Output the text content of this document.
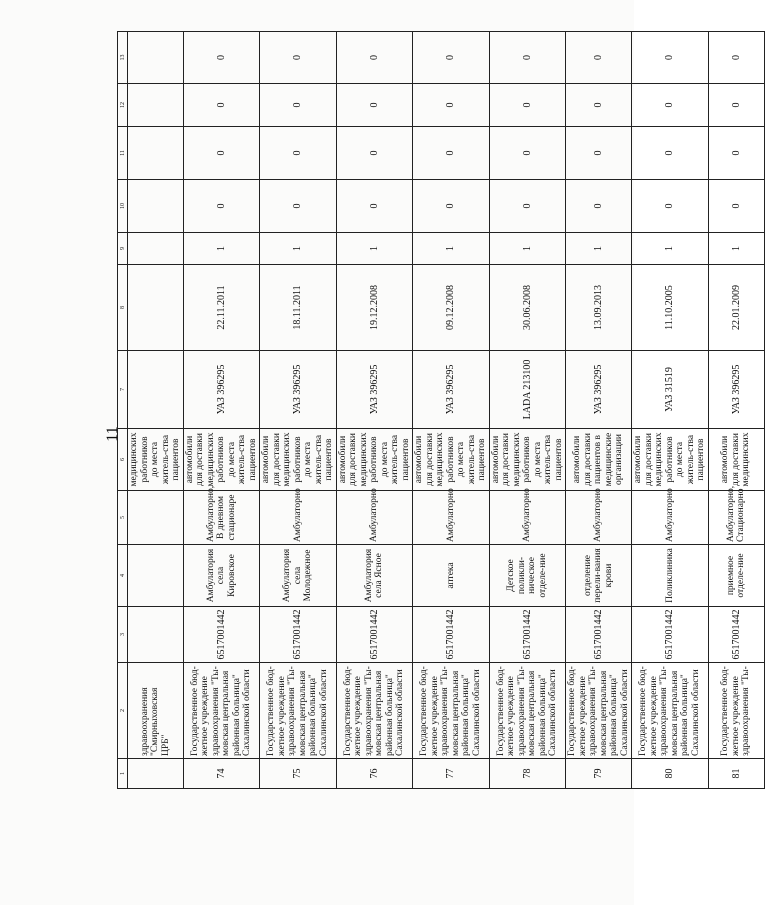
11
1	2	3	4	5	6	7	8	9	10	11	12	13
	здравоохранения "Смирныховская ЦРБ"				медицинских работников до места житель-ства пациентов							
74	Государственное бюд-жетное учреждение здравоохранения "Ты-мовская центральная районная больница" Сахалинской области	6517001442	Амбулатория села Кировское	Амбулаторно, В дневном стационаре	автомобили для доставки медицинских работников до места житель-ства пациентов	УАЗ 396295	22.11.2011	1	0	0	0	0
75	Государственное бюд-жетное учреждение здравоохранения "Ты-мовская центральная районная больница" Сахалинской области	6517001442	Амбулатория села Молодежное	Амбулаторно	автомобили для доставки медицинских работников до места житель-ства пациентов	УАЗ 396295	18.11.2011	1	0	0	0	0
76	Государственное бюд-жетное учреждение здравоохранения "Ты-мовская центральная районная больница" Сахалинской области	6517001442	Амбулатория села Ясное	Амбулаторно	автомобили для доставки медицинских работников до места житель-ства пациентов	УАЗ 396295	19.12.2008	1	0	0	0	0
77	Государственное бюд-жетное учреждение здравоохранения "Ты-мовская центральная районная больница" Сахалинской области	6517001442	аптека	Амбулаторно	автомобили для доставки медицинских работников до места житель-ства пациентов	УАЗ 396295	09.12.2008	1	0	0	0	0
78	Государственное бюд-жетное учреждение здравоохранения "Ты-мовская центральная районная больница" Сахалинской области	6517001442	Детское поликли-ническое отделе-ние	Амбулаторно	автомобили для доставки медицинских работников до места житель-ства пациентов	LADA 213100	30.06.2008	1	0	0	0	0
79	Государственное бюд-жетное учреждение здравоохранения "Ты-мовская центральная районная больница" Сахалинской области	6517001442	отделение перели-вания крови	Амбулаторно	автомобили для доставки пациентов в медицинские организации	УАЗ 396295	13.09.2013	1	0	0	0	0
80	Государственное бюд-жетное учреждение здравоохранения "Ты-мовская центральная районная больница" Сахалинской области	6517001442	Поликлиника	Амбулаторно	автомобили для доставки медицинских работников до места житель-ства пациентов	УАЗ 31519	11.10.2005	1	0	0	0	0
81	Государственное бюд-жетное учреждение здравоохранения "Ты-	6517001442	приемное отделе-ние	Амбулаторно, Стационарно	автомобили для доставки медицинских	УАЗ 396295	22.01.2009	1	0	0	0	0
